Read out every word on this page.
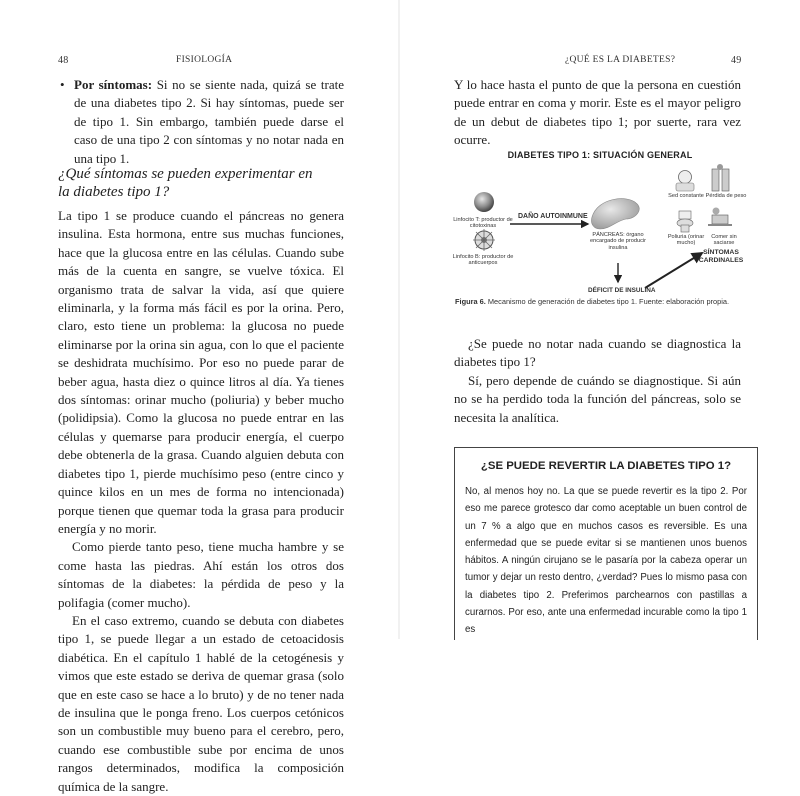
48	FISIOLOGÍA
• Por síntomas: Si no se siente nada, quizá se trate de una diabetes tipo 2. Si hay síntomas, puede ser de tipo 1. Sin embargo, también puede darse el caso de una tipo 2 con síntomas y no notar nada en una tipo 1.
¿Qué síntomas se pueden experimentar en la diabetes tipo 1?

La tipo 1 se produce cuando el páncreas no genera insulina. Esta hormona, entre sus muchas funciones, hace que la glucosa entre en las células. Cuando sube más de la cuenta en sangre, se vuelve tóxica. El organismo trata de salvar la vida, así que quiere eliminarla, y la forma más fácil es por la orina. Pero, claro, esto tiene un problema: la glucosa no puede eliminarse por la orina sin agua, con lo que el paciente se deshidrata muchísimo. Por eso no puede parar de beber agua, hasta diez o quince litros al día. Ya tienes dos síntomas: orinar mucho (poliuria) y beber mucho (polidipsia). Como la glucosa no puede entrar en las células y quemarse para producir energía, el cuerpo debe obtenerla de la grasa. Cuando alguien debuta con diabetes tipo 1, pierde muchísimo peso (entre cinco y quince kilos en un mes de forma no intencionada) porque tienen que quemar toda la grasa para producir energía y no morir.

Como pierde tanto peso, tiene mucha hambre y se come hasta las piedras. Ahí están los otros dos síntomas de la diabetes: la pérdida de peso y la polifagia (comer mucho).

En el caso extremo, cuando se debuta con diabetes tipo 1, se puede llegar a un estado de cetoacidosis diabética. En el capítulo 1 hablé de la cetogénesis y vimos que este estado se deriva de quemar grasa (solo que en este caso se hace a lo bruto) y de no tener nada de insulina que le ponga freno. Los cuerpos cetónicos son un combustible muy bueno para el cerebro, pero, cuando ese combustible sube por encima de unos rangos determinados, modifica la composición química de la sangre.

¿QUÉ ES LA DIABETES?	49
Y lo hace hasta el punto de que la persona en cuestión puede entrar en coma y morir. Este es el mayor peligro de un debut de diabetes tipo 1; por suerte, rara vez ocurre.
DIABETES TIPO 1: SITUACIÓN GENERAL
Linfocito T: productor de citotoxinas
Linfocito B: productor de anticuerpos
DAÑO AUTOINMUNE
PÁNCREAS: órgano encargado de producir insulina
DÉFICIT DE INSULINA
Sed constante Pérdida de peso
Poliuria (orinar mucho)
Comer sin saciarse
SÍNTOMAS CARDINALES
Figura 6. Mecanismo de generación de diabetes tipo 1. Fuente: elaboración propia.

¿Se puede no notar nada cuando se diagnostica la diabetes tipo 1?

Sí, pero depende de cuándo se diagnostique. Si aún no se ha perdido toda la función del páncreas, solo se necesita la analítica.

¿SE PUEDE REVERTIR LA DIABETES TIPO 1?

No, al menos hoy no. La que se puede revertir es la tipo 2. Por eso me parece grotesco dar como aceptable un buen control de un 7 % a algo que en muchos casos es reversible. Es una enfermedad que se puede evitar si se mantienen unos buenos hábitos. A ningún cirujano se le pasaría por la cabeza operar un tumor y dejar un resto dentro, ¿verdad? Pues lo mismo pasa con la diabetes tipo 2. Preferimos parchearnos con pastillas a curarnos. Por eso, ante una enfermedad incurable como la tipo 1 es
